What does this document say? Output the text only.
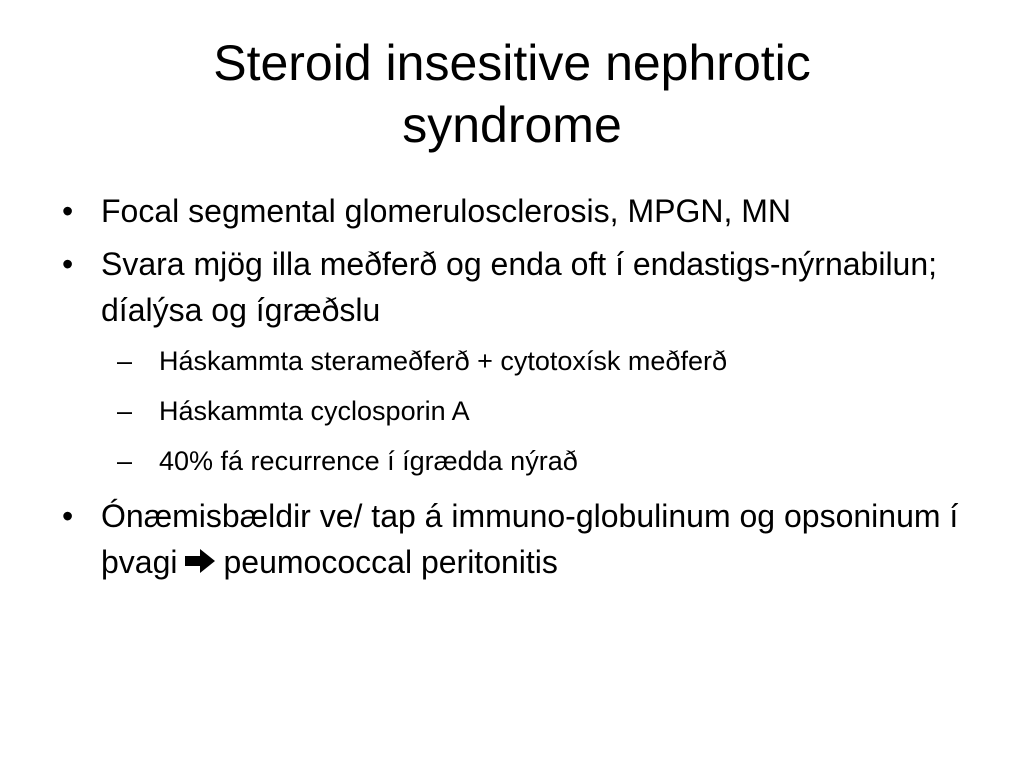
Steroid insesitive nephrotic
syndrome
• Focal segmental glomerulosclerosis, MPGN, MN
• Svara mjög illa meðferð og enda oft í endastigs-nýrnabilun; díalýsa og ígræðslu
– Háskammta sterameðferð + cytotoxísk meðferð
– Háskammta cyclosporin A
– 40% fá recurrence í ígrædda nýrað
• Ónæmisbældir ve/ tap á immuno-globulinum og opsoninum í þvagi peumococcal peritonitis
